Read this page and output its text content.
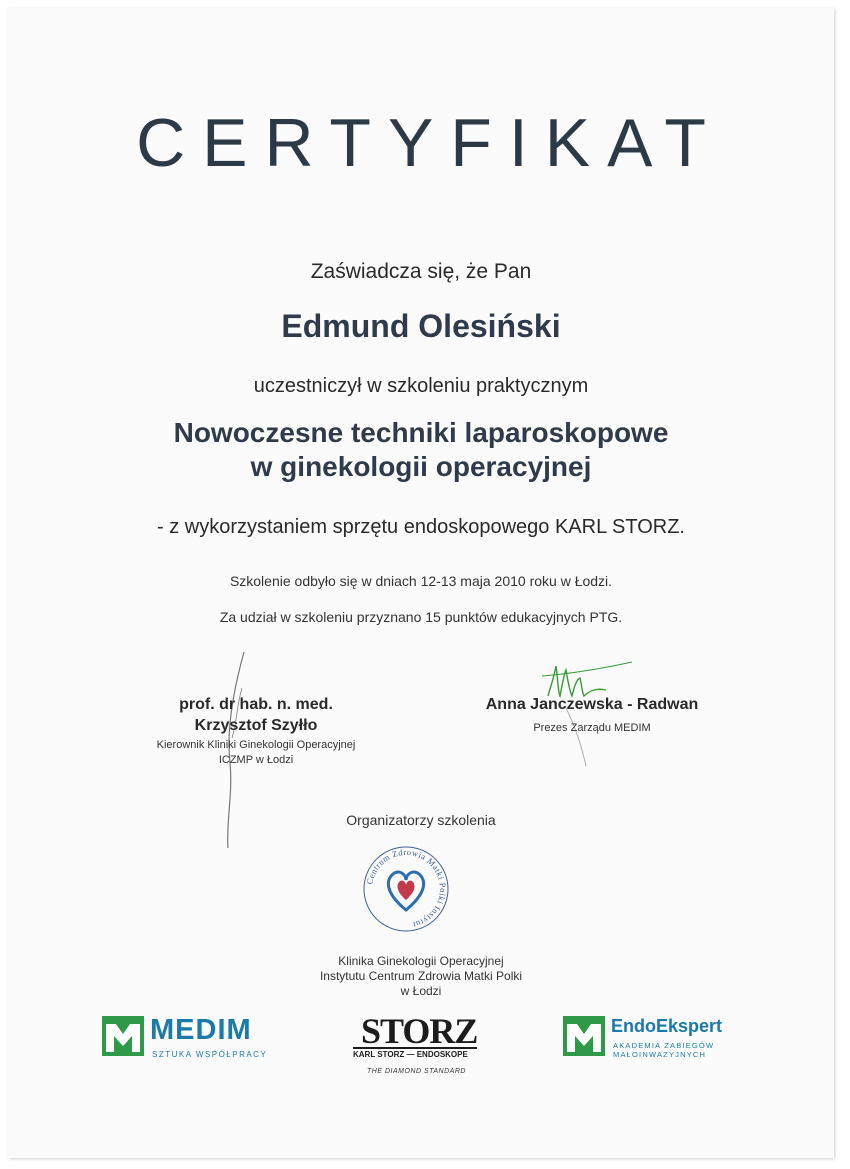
CERTYFIKAT
Zaświadcza się, że Pan
Edmund Olesiński
uczestniczył w szkoleniu praktycznym
Nowoczesne techniki laparoskopowe
w ginekologii operacyjnej
- z wykorzystaniem sprzętu endoskopowego KARL STORZ.
Szkolenie odbyło się w dniach 12-13 maja 2010 roku w Łodzi.
Za udział w szkoleniu przyznano 15 punktów edukacyjnych PTG.
prof. dr hab. n. med.
Krzysztof Szyłło
Kierownik Kliniki Ginekologii Operacyjnej
ICZMP w Łodzi
Anna Janczewska - Radwan
Prezes Zarządu MEDIM
Organizatorzy szkolenia
Centrum Zdrowia Matki Polki Instytut
Klinika Ginekologii Operacyjnej
Instytutu Centrum Zdrowia Matki Polki
w Łodzi
MEDIM
SZTUKA WSPÓŁPRACY
STORZ
KARL STORZ — ENDOSKOPE
THE DIAMOND STANDARD
EndoEkspert
AKADEMIA ZABIEGÓW
MAŁOINWAZYJNYCH
